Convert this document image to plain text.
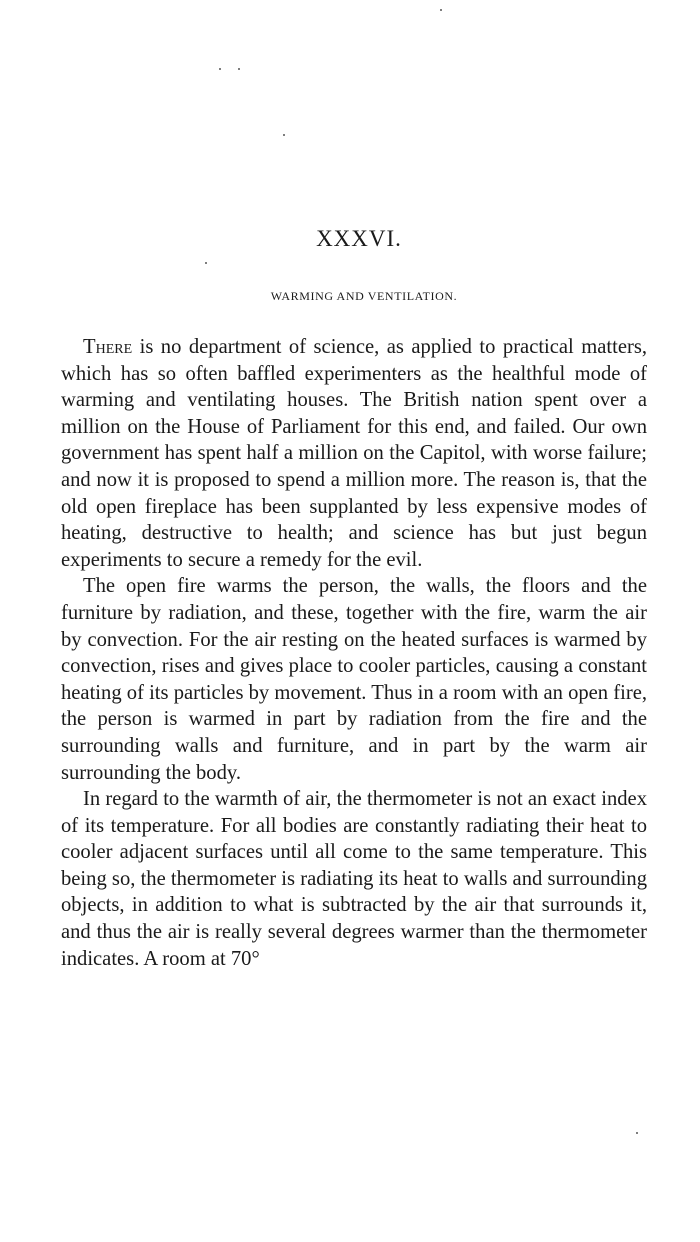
XXXVI.
WARMING AND VENTILATION.

There is no department of science, as applied to practical matters, which has so often baffled experimenters as the healthful mode of warming and ventilating houses. The British nation spent over a million on the House of Parliament for this end, and failed. Our own government has spent half a million on the Capitol, with worse failure; and now it is proposed to spend a million more. The reason is, that the old open fireplace has been supplanted by less expensive modes of heating, destructive to health; and science has but just begun experiments to secure a remedy for the evil.

The open fire warms the person, the walls, the floors and the furniture by radiation, and these, together with the fire, warm the air by convection. For the air resting on the heated surfaces is warmed by convection, rises and gives place to cooler particles, causing a constant heating of its particles by movement. Thus in a room with an open fire, the person is warmed in part by radiation from the fire and the surrounding walls and furniture, and in part by the warm air surrounding the body.

In regard to the warmth of air, the thermometer is not an exact index of its temperature. For all bodies are constantly radiating their heat to cooler adjacent surfaces until all come to the same temperature. This being so, the thermometer is radiating its heat to walls and surrounding objects, in addition to what is subtracted by the air that surrounds it, and thus the air is really several degrees warmer than the thermometer indicates. A room at 70°
